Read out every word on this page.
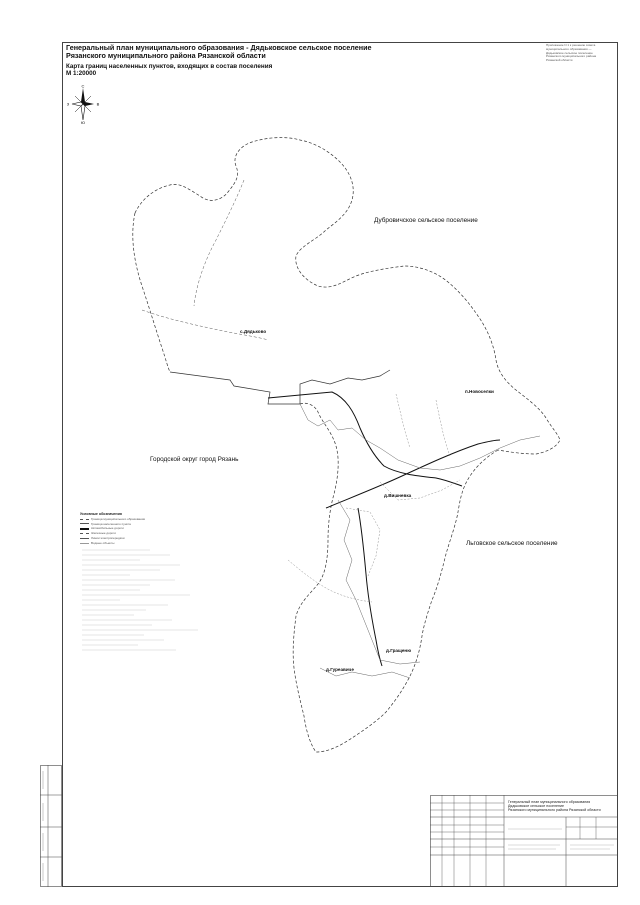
Генеральный план муниципального образования - Дядьковское сельское поселение
Рязанского муниципального района Рязанской области
Карта границ населенных пунктов, входящих в состав поселения
М 1:20000
Приложение N 1 к решению совета
муниципального образования —
Дядьковское сельское поселение
Рязанского муниципального района
Рязанской области
С
Ю
З	В
Дубровичское сельское поселение
Городской округ город Рязань
Льговское сельское поселение
с.Дядьково
п.Новоселки
д.Вишневка
д.Гращеню
д.Гуреавиче
Условные обозначения
Граница муниципального образования
Граница населенного пункта
Автомобильные дороги
Железные дороги
Линии электропередачи
Водные объекты
Генеральный план муниципального образования
Дядьковское сельское поселение
Рязанского муниципального района Рязанской области
